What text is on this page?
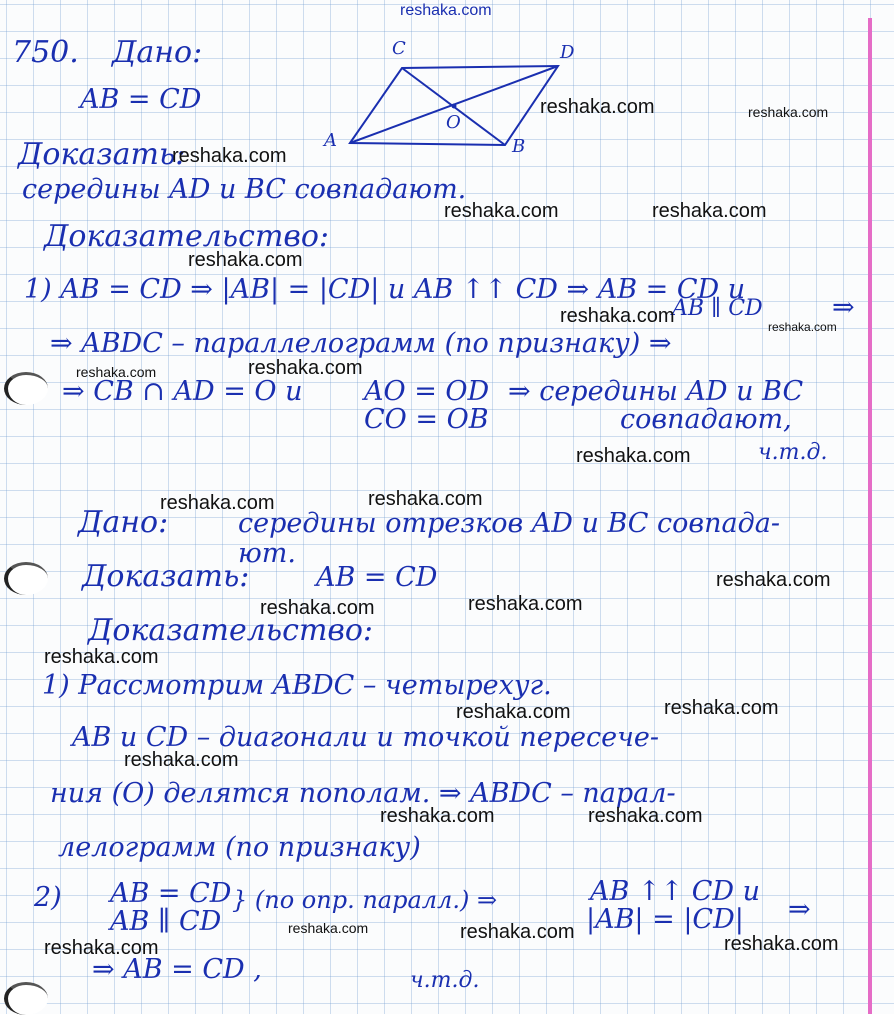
reshaka.com
750. Дано:
AB = CD
C	D
A	B
O
Доказать:
середины AD и BC совпадают.
Доказательство:
1) AB = CD ⇒ |AB| = |CD| и AB ↑↑ CD ⇒ AB = CD и
AB ∥ CD	⇒
⇒ ABDC – параллелограмм (по признаку) ⇒
⇒ CB ∩ AD = O и AO = OD
CO = OB
⇒ середины AD и BC
совпадают,
ч.т.д.
Дано:	середины отрезков AD и BC совпада-
ют.
Доказать: AB = CD
Доказательство:
1) Рассмотрим ABDC – четырехуг.
AB и CD – диагонали и точкой пересече-
ния (O) делятся пополам. ⇒ ABDC – парал-
лелограмм (по признаку)
2) AB = CD
AB ∥ CD
} (по опр. паралл.) ⇒	AB ↑↑ CD и
|AB| = |CD| ⇒
⇒ AB = CD ,	ч.т.д.
reshaka.com	reshaka.com
reshaka.com
reshaka.com	reshaka.com
reshaka.com
reshaka.com	reshaka.com
reshaka.com
reshaka.com
reshaka.com
reshaka.com	reshaka.com
reshaka.com
reshaka.com	reshaka.com
reshaka.com
reshaka.com	reshaka.com
reshaka.com
reshaka.com	reshaka.com
reshaka.com	reshaka.com
reshaka.com	reshaka.com
